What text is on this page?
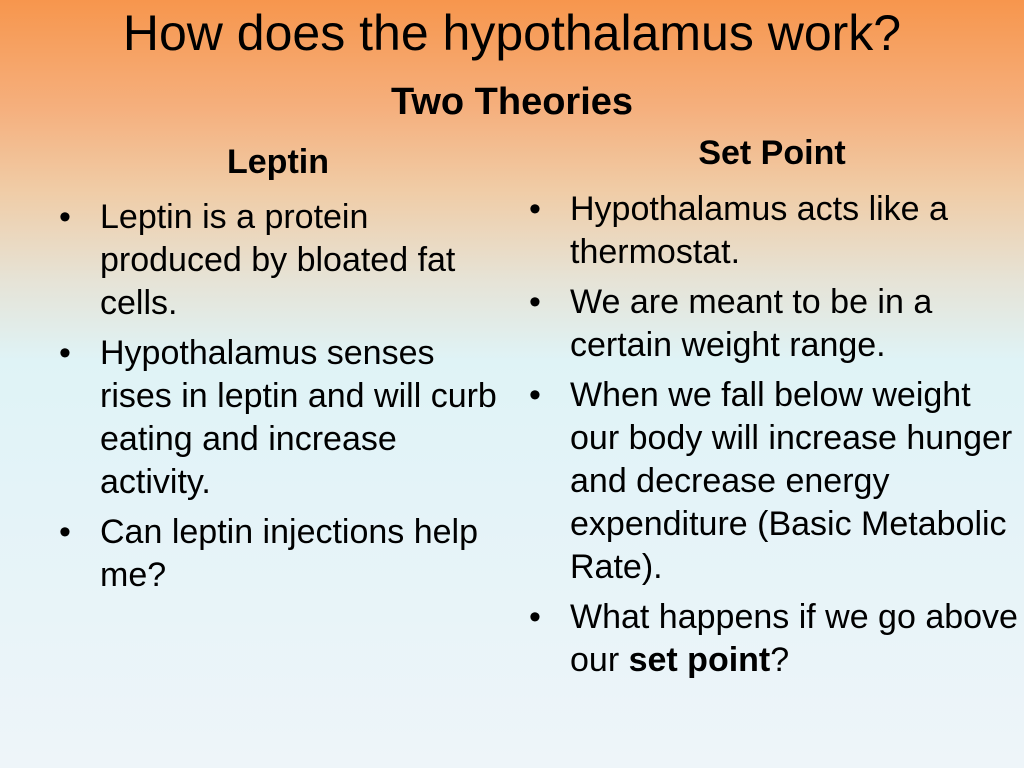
How does the hypothalamus work?
Two Theories
Leptin
• Leptin is a protein produced by bloated fat cells.
• Hypothalamus senses rises in leptin and will curb eating and increase activity.
• Can leptin injections help me?
Set Point
• Hypothalamus acts like a thermostat.
• We are meant to be in a certain weight range.
• When we fall below weight our body will increase hunger and decrease energy expenditure (Basic Metabolic Rate).
• What happens if we go above our set point?
